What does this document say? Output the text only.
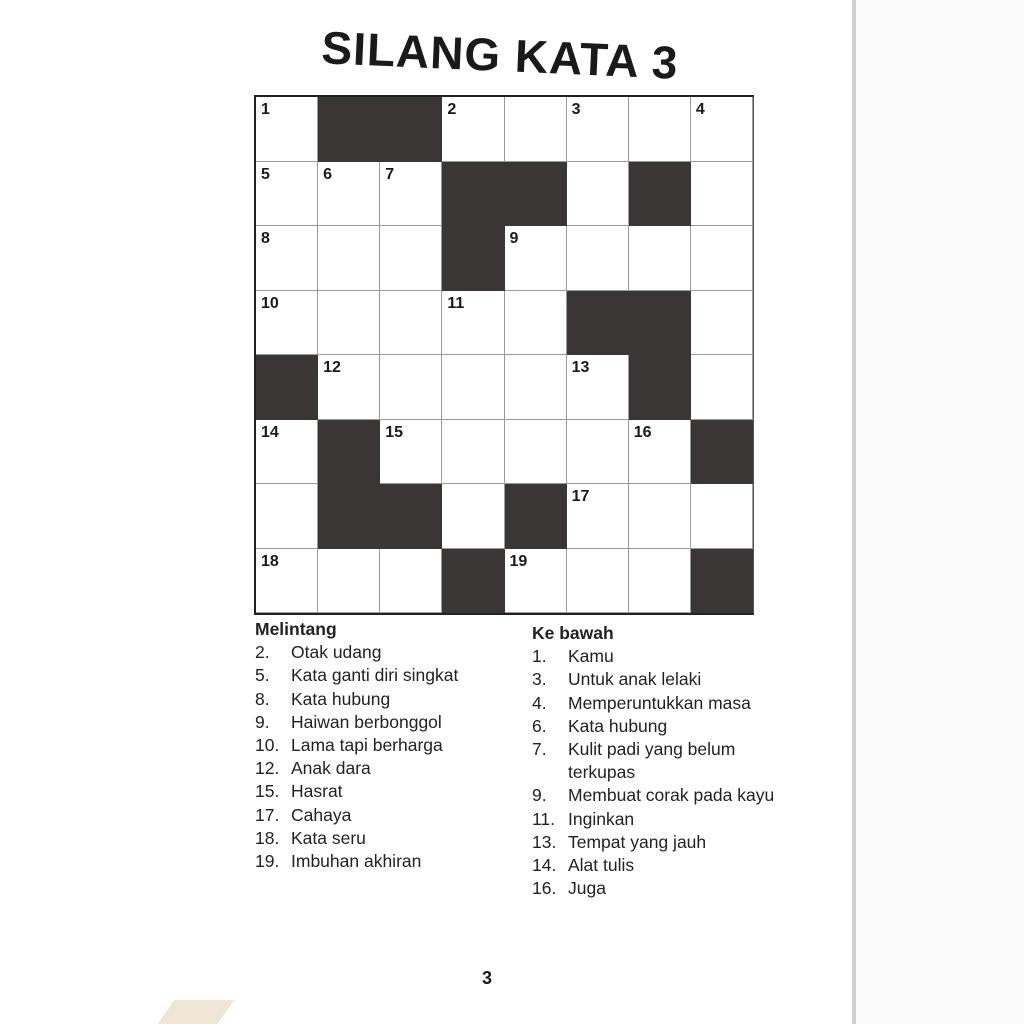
SILANG KATA 3
1	2	3	4
5	6	7
8	9
10	11
12	13
14	15	16
17
18	19
Melintang
2.	Otak udang
5.	Kata ganti diri singkat
8.	Kata hubung
9.	Haiwan berbonggol
10. Lama tapi berharga
12. Anak dara
15. Hasrat
17. Cahaya
18. Kata seru
19. Imbuhan akhiran
Ke bawah
1.	Kamu
3.	Untuk anak lelaki
4.	Memperuntukkan masa
6.	Kata hubung
7.	Kulit padi yang belum terkupas
9.	Membuat corak pada kayu
11. Inginkan
13. Tempat yang jauh
14. Alat tulis
16. Juga
3
